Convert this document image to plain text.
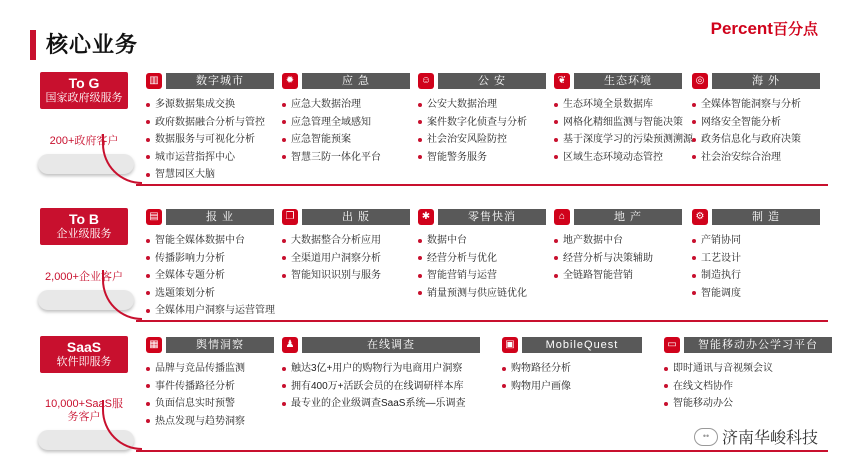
核心业务
Percent百分点
To G
国家政府级服务
200+政府客户
▥	数字城市
多源数据集成交换
政府数据融合分析与管控
数据服务与可视化分析
城市运营指挥中心
智慧园区大脑
✹	应 急
应急大数据治理
应急管理全域感知
应急智能预案
智慧三防一体化平台
☺	公 安
公安大数据治理
案件数字化侦查与分析
社会治安风险防控
智能警务服务
❦	生态环境
生态环境全景数据库
网格化精细监测与智能决策
基于深度学习的污染预测溯源
区域生态环境动态管控
◎	海 外
全媒体智能洞察与分析
网络安全智能分析
政务信息化与政府决策
社会治安综合治理
To B
企业级服务
2,000+企业客户
▤	报 业
智能全媒体数据中台
传播影响力分析
全媒体专题分析
选题策划分析
全媒体用户洞察与运营管理
❐	出 版
大数据整合分析应用
全渠道用户洞察分析
智能知识识别与服务
✱	零售快消
数据中台
经营分析与优化
智能营销与运营
销量预测与供应链优化
⌂	地 产
地产数据中台
经营分析与决策辅助
全链路智能营销
⚙	制 造
产销协同
工艺设计
制造执行
智能调度
SaaS
软件即服务
10,000+SaaS服务客户
▦	舆情洞察
品牌与竞品传播监测
事件传播路径分析
负面信息实时预警
热点发现与趋势洞察
♟	在线调查
触达3亿+用户的购物行为电商用户洞察
拥有400万+活跃会员的在线调研样本库
最专业的企业级调查SaaS系统—乐调查
▣	MobileQuest
购物路径分析
购物用户画像
▭	智能移动办公学习平台
即时通讯与音视频会议
在线文档协作
智能移动办公
•• 济南华峻科技
